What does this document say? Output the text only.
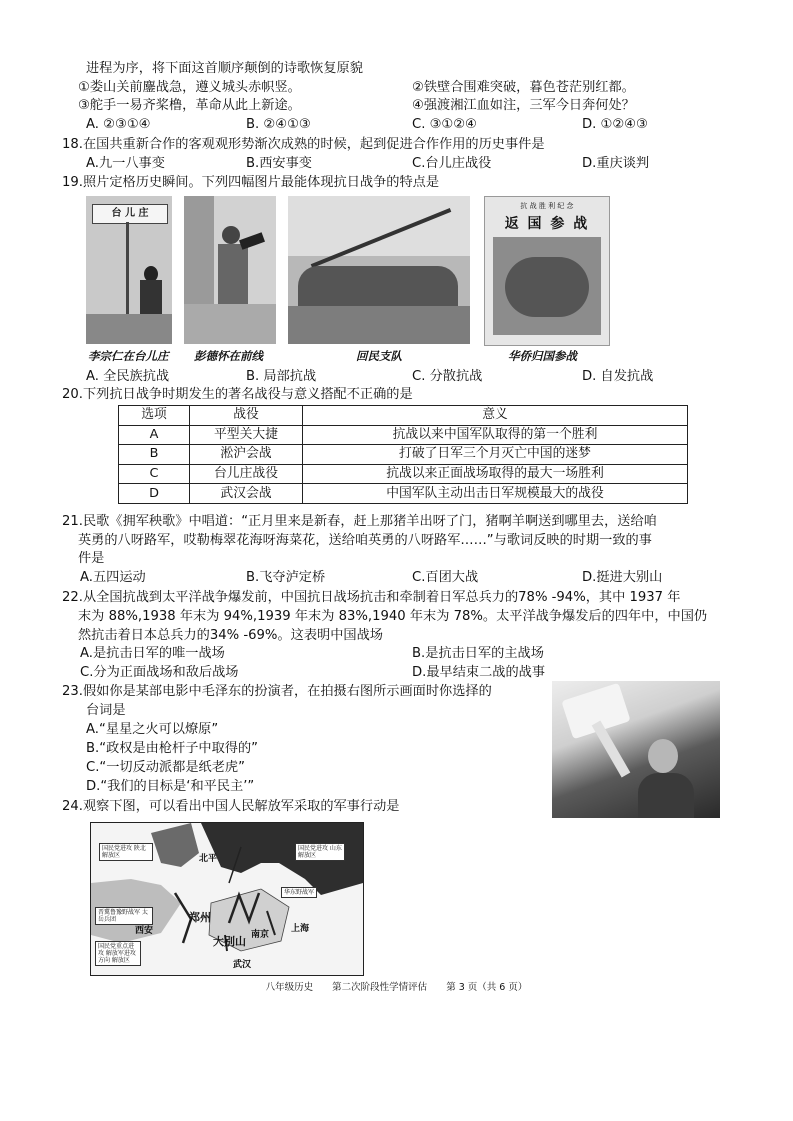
进程为序，将下面这首顺序颠倒的诗歌恢复原貌
①娄山关前鏖战急，遵义城头赤帜竖。	②铁壁合围难突破，暮色苍茫别红都。
③舵手一易齐桨橹，革命从此上新途。	④强渡湘江血如注，三军今日奔何处？
A. ②③①④	B. ②④①③	C. ③①②④	D. ①②④③
18.在国共重新合作的客观观形势渐次成熟的时候，起到促进合作作用的历史事件是
A.九一八事变	B.西安事变	C.台儿庄战役	D.重庆谈判
19.照片定格历史瞬间。下列四幅图片最能体现抗日战争的特点是
台 儿 庄
抗 战 胜 利 纪 念
返 国 参 战
李宗仁在台儿庄 彭德怀在前线	回民支队	华侨归国参战
A. 全民族抗战	B. 局部抗战	C. 分散抗战	D. 自发抗战
20.下列抗日战争时期发生的著名战役与意义搭配不正确的是
选项	战役	意义
A	平型关大捷	抗战以来中国军队取得的第一个胜利
B	淞沪会战	打破了日军三个月灭亡中国的迷梦
C	台儿庄战役	抗战以来正面战场取得的最大一场胜利
D	武汉会战	中国军队主动出击日军规模最大的战役
21.民歌《拥军秧歌》中唱道：“正月里来是新春，赶上那猪羊出呀了门，猪啊羊啊送到哪里去，送给咱
英勇的八呀路军，哎勒梅翠花海呀海菜花，送给咱英勇的八呀路军……”与歌词反映的时期一致的事
件是
A.五四运动	B.飞夺泸定桥	C.百团大战	D.挺进大别山
22.从全国抗战到太平洋战争爆发前，中国抗日战场抗击和牵制着日军总兵力的78% -94%，其中 1937 年
末为 88%,1938 年末为 94%,1939 年末为 83%,1940 年末为 78%。太平洋战争爆发后的四年中，中国仍
然抗击着日本总兵力的34% -69%。这表明中国战场
A.是抗击日军的唯一战场	B.是抗击日军的主战场
C.分为正面战场和敌后战场	D.最早结束二战的战事
23.假如你是某部电影中毛泽东的扮演者，在拍摄右图所示画面时你选择的
台词是
A.“星星之火可以燎原”
B.“政权是由枪杆子中取得的”
C.“一切反动派都是纸老虎”
D.“我们的目标是‘和平民主’”
24.观察下图，可以看出中国人民解放军采取的军事行动是
北平
西安
郑州
大别山 南京
上海
武汉
国民党进攻 陕北解放区
国民党进攻 山东解放区
华东野战军
晋冀鲁豫野战军 太岳兵团
国民党重点进攻 解放军进攻方向 解放区
八年级历史 第二次阶段性学情评估 第 3 页（共 6 页）
